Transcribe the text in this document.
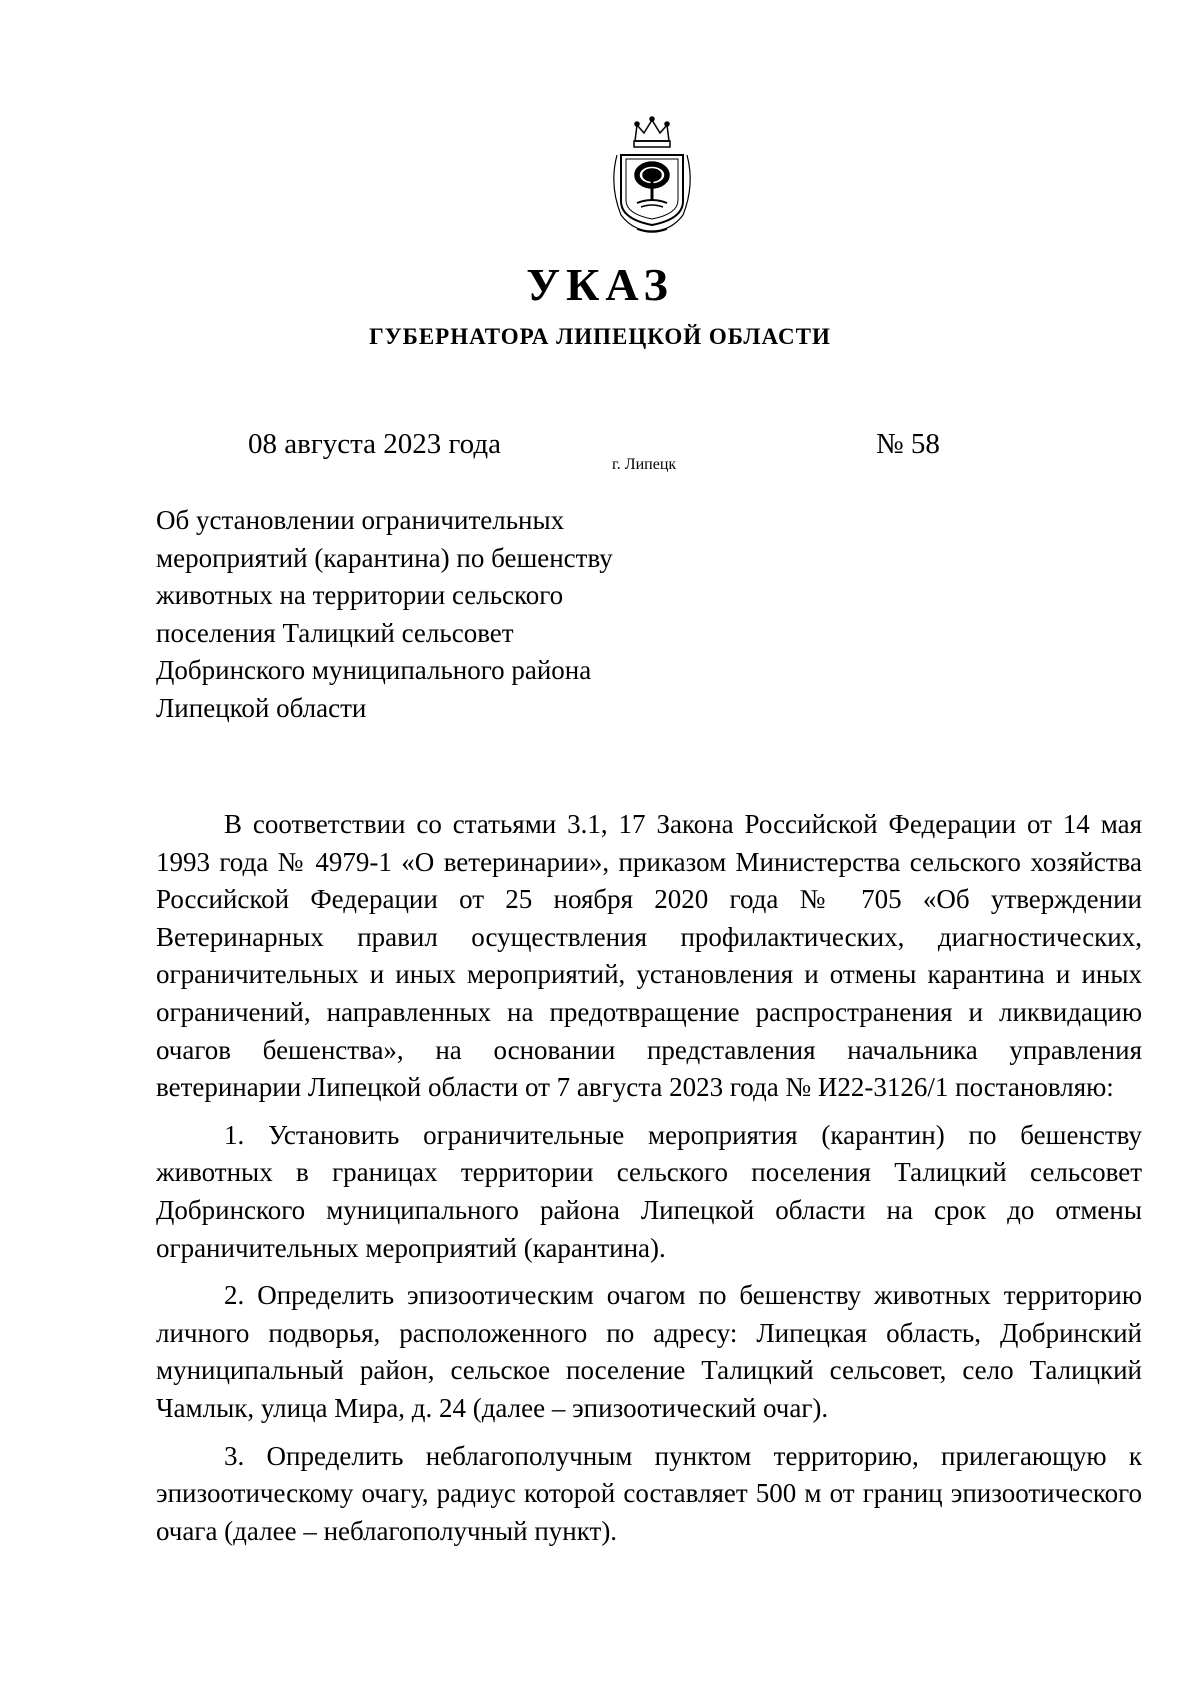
УКАЗ
ГУБЕРНАТОРА ЛИПЕЦКОЙ ОБЛАСТИ
08 августа 2023 года
г. Липецк
№ 58
Об установлении ограничительных
мероприятий (карантина) по бешенству
животных на территории сельского
поселения Талицкий сельсовет
Добринского муниципального района
Липецкой области

В соответствии со статьями 3.1, 17 Закона Российской Федерации от 14 мая 1993 года № 4979-1 «О ветеринарии», приказом Министерства сельского хозяйства Российской Федерации от 25 ноября 2020 года № 705 «Об утверждении Ветеринарных правил осуществления профилактических, диагностических, ограничительных и иных мероприятий, установления и отмены карантина и иных ограничений, направленных на предотвращение распространения и ликвидацию очагов бешенства», на основании представления начальника управления ветеринарии Липецкой области от 7 августа 2023 года № И22-3126/1 постановляю:

1. Установить ограничительные мероприятия (карантин) по бешенству животных в границах территории сельского поселения Талицкий сельсовет Добринского муниципального района Липецкой области на срок до отмены ограничительных мероприятий (карантина).

2. Определить эпизоотическим очагом по бешенству животных территорию личного подворья, расположенного по адресу: Липецкая область, Добринский муниципальный район, сельское поселение Талицкий сельсовет, село Талицкий Чамлык, улица Мира, д. 24 (далее – эпизоотический очаг).

3. Определить неблагополучным пунктом территорию, прилегающую к эпизоотическому очагу, радиус которой составляет 500 м от границ эпизоотического очага (далее – неблагополучный пункт).
